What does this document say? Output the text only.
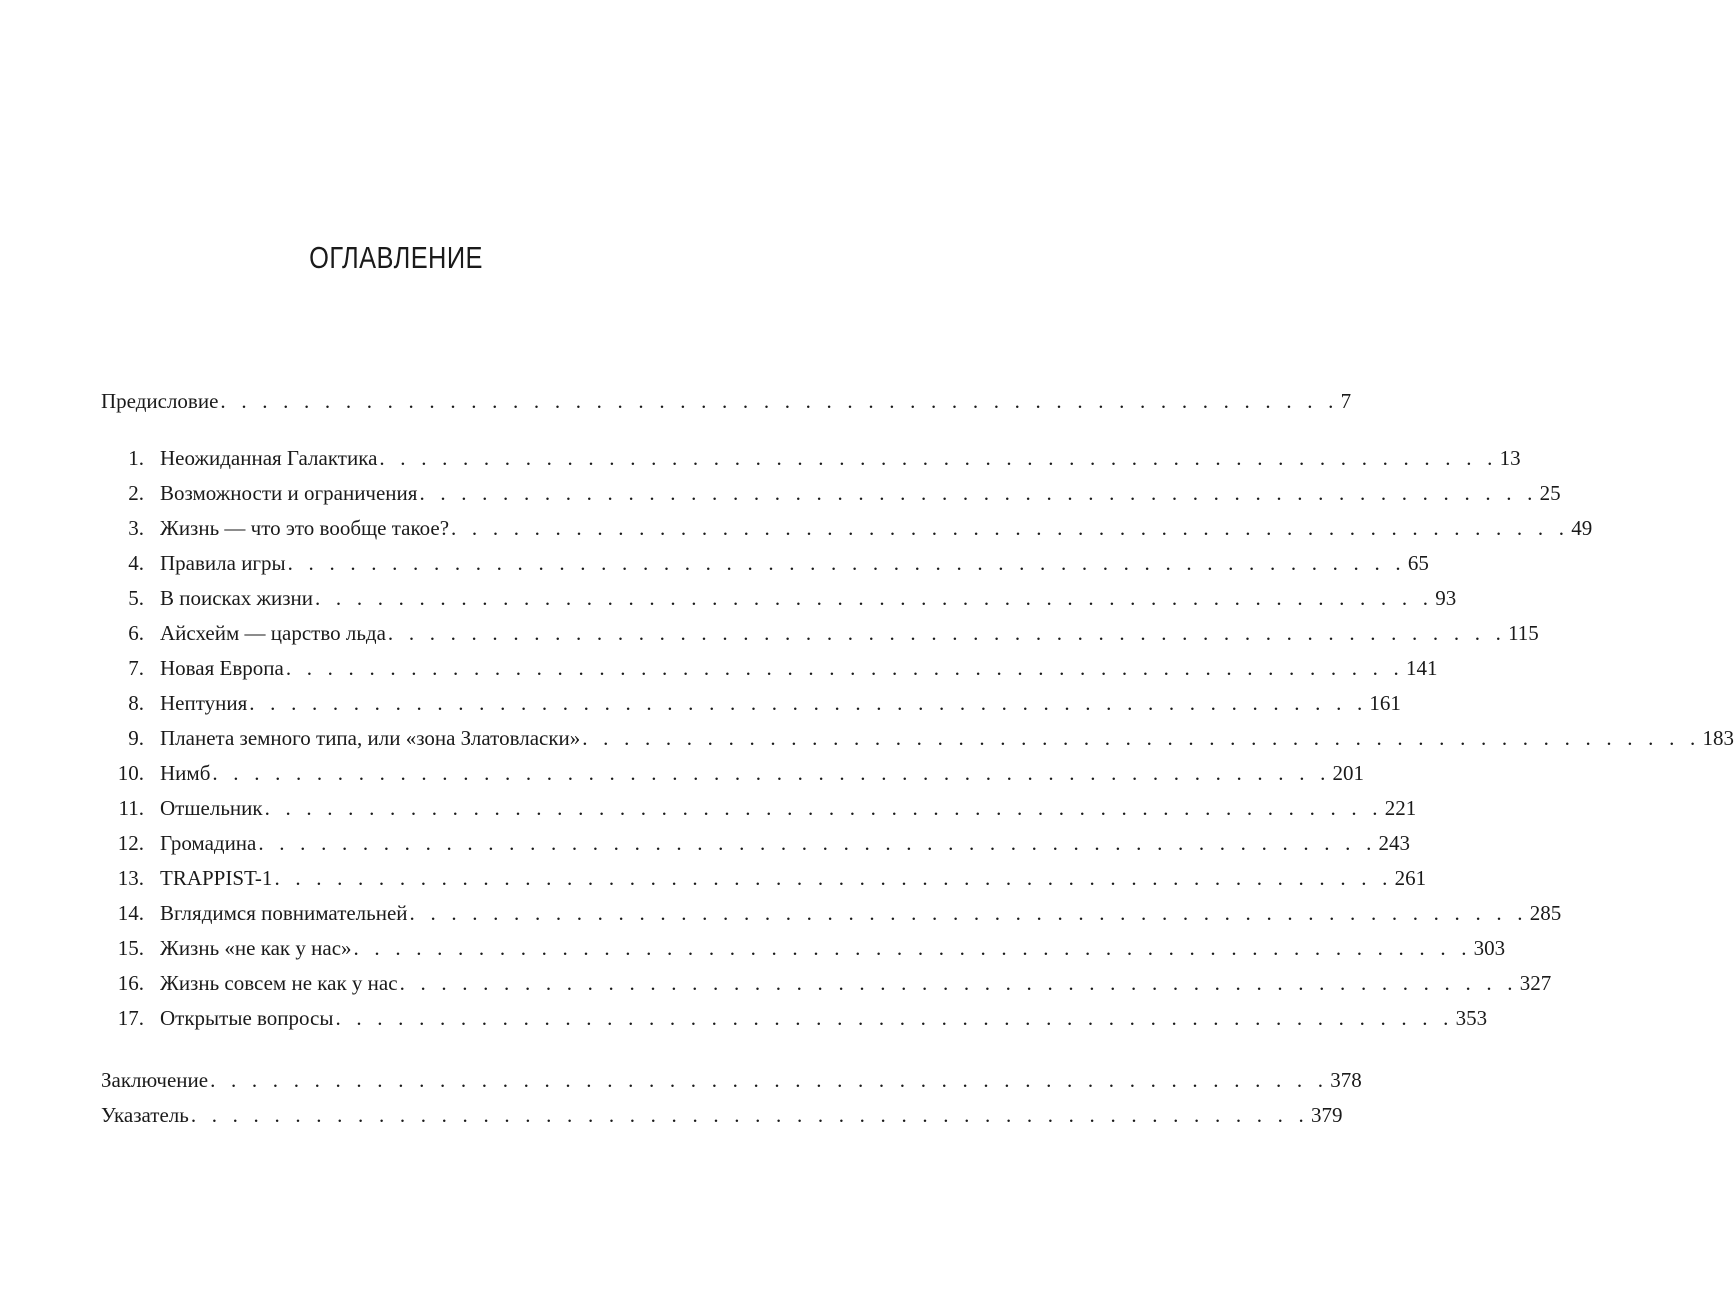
ОГЛАВЛЕНИЕ
Предисловие . . . . . . . . . . . . . . . . . . . . . . . . . . . . . . . . . . . . . . . . . . . . . . . . . . . . . . 7
1. Неожиданная Галактика . . . . . . . . . . . . . . . . . . . . . . . . . . . . . . . . . . . . . . . . . . . . . . . . . . . . . . 13
2. Возможности и ограничения . . . . . . . . . . . . . . . . . . . . . . . . . . . . . . . . . . . . . . . . . . . . . . . . . . . . . . 25
3. Жизнь — что это вообще такое? . . . . . . . . . . . . . . . . . . . . . . . . . . . . . . . . . . . . . . . . . . . . . . . . . . . . . . 49
4. Правила игры . . . . . . . . . . . . . . . . . . . . . . . . . . . . . . . . . . . . . . . . . . . . . . . . . . . . . . 65
5. В поисках жизни . . . . . . . . . . . . . . . . . . . . . . . . . . . . . . . . . . . . . . . . . . . . . . . . . . . . . . 93
6. Айсхейм — царство льда . . . . . . . . . . . . . . . . . . . . . . . . . . . . . . . . . . . . . . . . . . . . . . . . . . . . . . 115
7. Новая Европа . . . . . . . . . . . . . . . . . . . . . . . . . . . . . . . . . . . . . . . . . . . . . . . . . . . . . . 141
8. Нептуния . . . . . . . . . . . . . . . . . . . . . . . . . . . . . . . . . . . . . . . . . . . . . . . . . . . . . . 161
9. Планета земного типа, или «зона Златовласки» . . . . . . . . . . . . . . . . . . . . . . . . . . . . . . . . . . . . . . . . . . . . . . . . . . . . . . 183
10. Нимб . . . . . . . . . . . . . . . . . . . . . . . . . . . . . . . . . . . . . . . . . . . . . . . . . . . . . . 201
11. Отшельник . . . . . . . . . . . . . . . . . . . . . . . . . . . . . . . . . . . . . . . . . . . . . . . . . . . . . . 221
12. Громадина . . . . . . . . . . . . . . . . . . . . . . . . . . . . . . . . . . . . . . . . . . . . . . . . . . . . . . 243
13. TRAPPIST-1 . . . . . . . . . . . . . . . . . . . . . . . . . . . . . . . . . . . . . . . . . . . . . . . . . . . . . . 261
14. Вглядимся повнимательней . . . . . . . . . . . . . . . . . . . . . . . . . . . . . . . . . . . . . . . . . . . . . . . . . . . . . . 285
15. Жизнь «не как у нас» . . . . . . . . . . . . . . . . . . . . . . . . . . . . . . . . . . . . . . . . . . . . . . . . . . . . . . 303
16. Жизнь совсем не как у нас . . . . . . . . . . . . . . . . . . . . . . . . . . . . . . . . . . . . . . . . . . . . . . . . . . . . . . 327
17. Открытые вопросы . . . . . . . . . . . . . . . . . . . . . . . . . . . . . . . . . . . . . . . . . . . . . . . . . . . . . . 353
Заключение . . . . . . . . . . . . . . . . . . . . . . . . . . . . . . . . . . . . . . . . . . . . . . . . . . . . . . 378
Указатель . . . . . . . . . . . . . . . . . . . . . . . . . . . . . . . . . . . . . . . . . . . . . . . . . . . . . . 379
